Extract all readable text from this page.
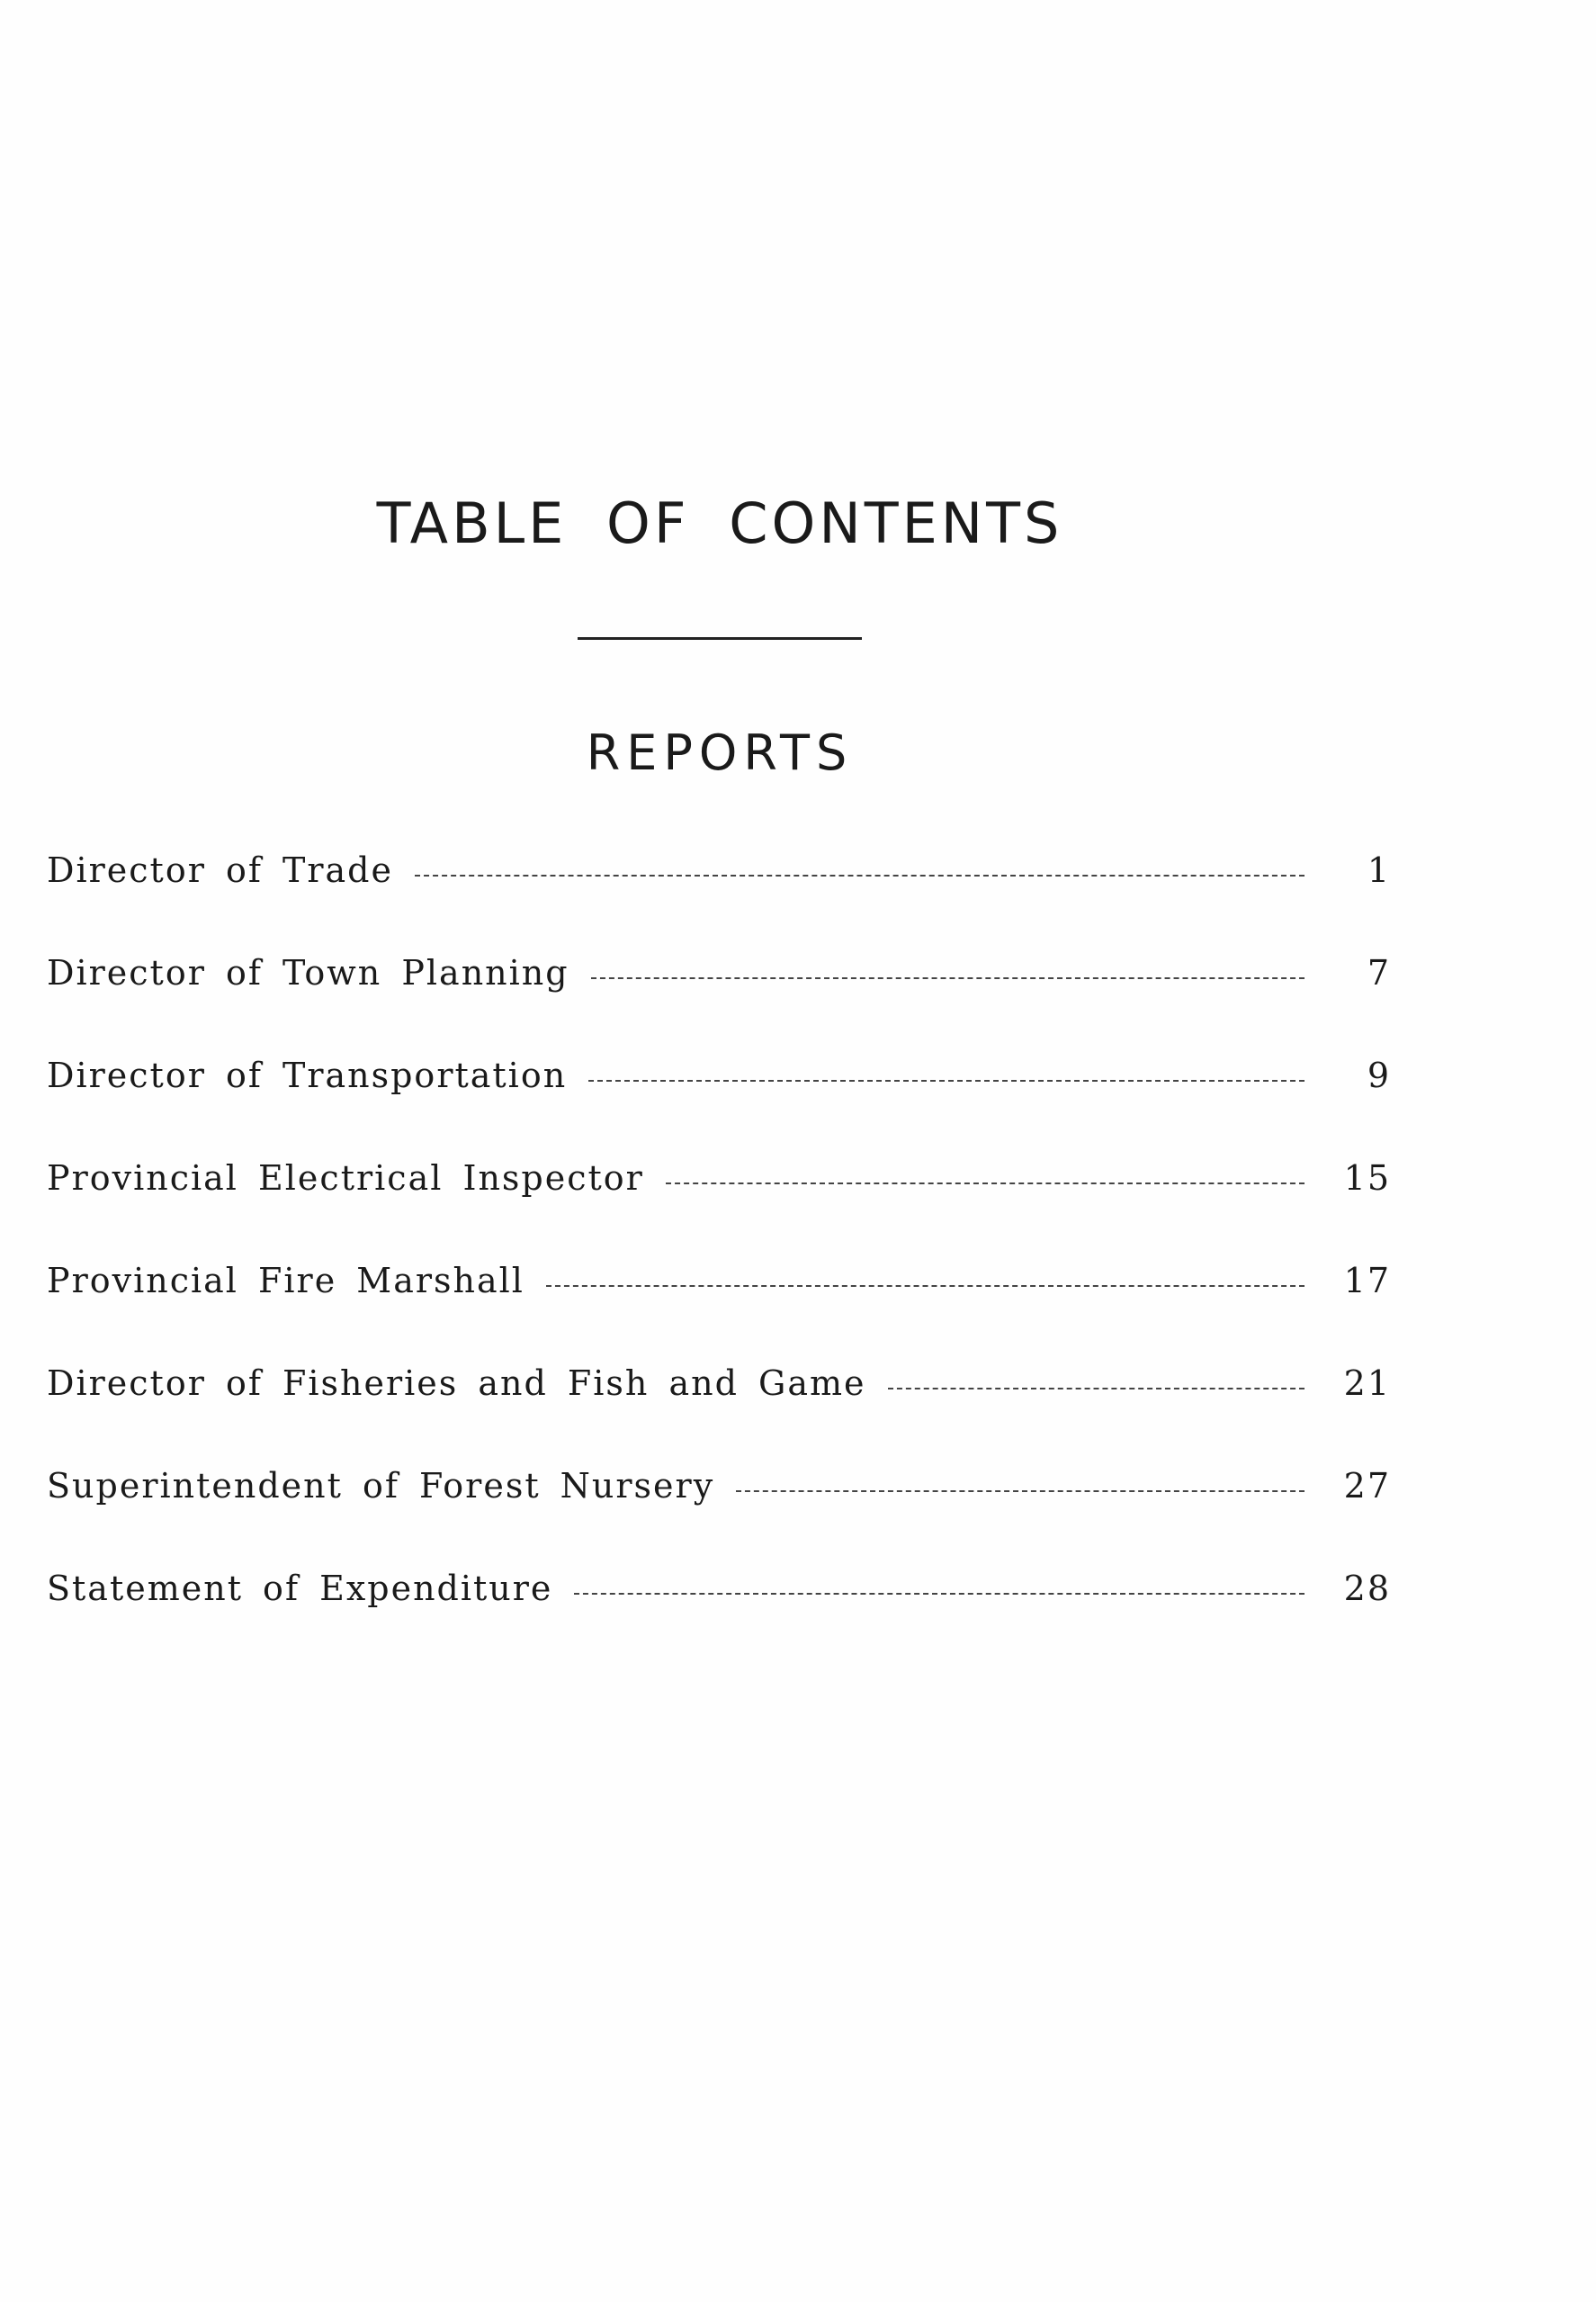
TABLE OF CONTENTS
REPORTS
Director of Trade	1
Director of Town Planning	7
Director of Transportation	9
Provincial Electrical Inspector	15
Provincial Fire Marshall	17
Director of Fisheries and Fish and Game	21
Superintendent of Forest Nursery	27
Statement of Expenditure	28
